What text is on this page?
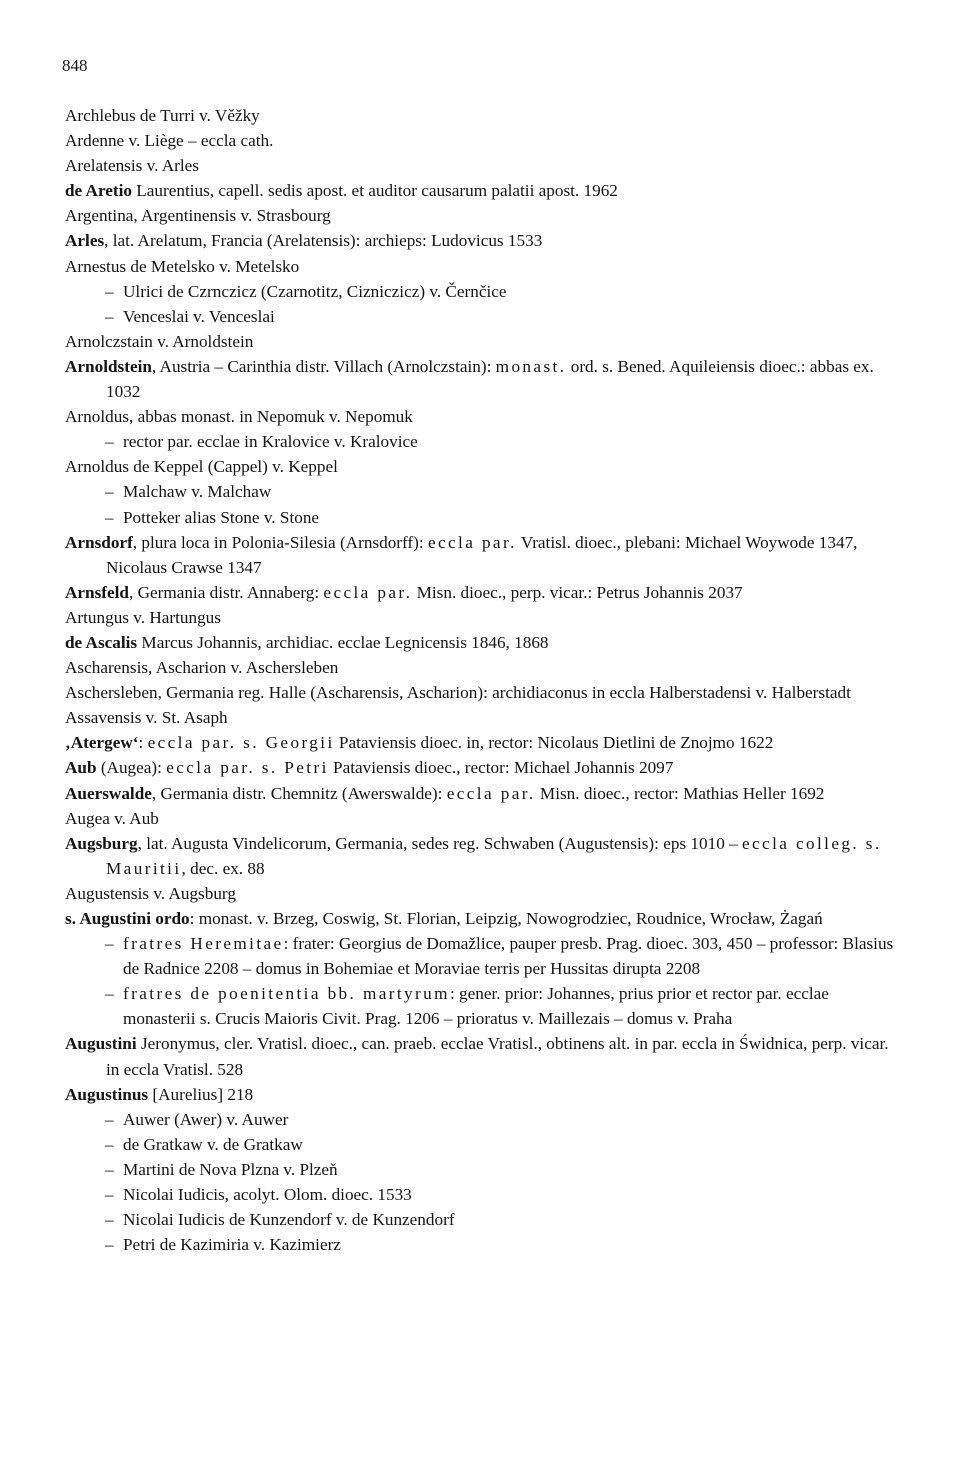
848

Archlebus de Turri v. Věžky

Ardenne v. Liège – eccla cath.

Arelatensis v. Arles

de Aretio Laurentius, capell. sedis apost. et auditor causarum palatii apost. 1962

Argentina, Argentinensis v. Strasbourg

Arles, lat. Arelatum, Francia (Arelatensis): archieps: Ludovicus 1533

Arnestus de Metelsko v. Metelsko

– Ulrici de Czrnczicz (Czarnotitz, Cizniczicz) v. Černčice

– Venceslai v. Venceslai

Arnolczstain v. Arnoldstein

Arnoldstein, Austria – Carinthia distr. Villach (Arnolczstain): monast. ord. s. Bened. Aquileiensis dioec.: abbas ex. 1032

Arnoldus, abbas monast. in Nepomuk v. Nepomuk

– rector par. ecclae in Kralovice v. Kralovice

Arnoldus de Keppel (Cappel) v. Keppel

– Malchaw v. Malchaw

– Potteker alias Stone v. Stone

Arnsdorf, plura loca in Polonia-Silesia (Arnsdorff): eccla par. Vratisl. dioec., plebani: Michael Woywode 1347, Nicolaus Crawse 1347

Arnsfeld, Germania distr. Annaberg: eccla par. Misn. dioec., perp. vicar.: Petrus Johannis 2037

Artungus v. Hartungus

de Ascalis Marcus Johannis, archidiac. ecclae Legnicensis 1846, 1868

Ascharensis, Ascharion v. Aschersleben

Aschersleben, Germania reg. Halle (Ascharensis, Ascharion): archidiaconus in eccla Halberstadensi v. Halberstadt

Assavensis v. St. Asaph

‚Atergew‘: eccla par. s. Georgii Pataviensis dioec. in, rector: Nicolaus Dietlini de Znojmo 1622

Aub (Augea): eccla par. s. Petri Pataviensis dioec., rector: Michael Johannis 2097

Auerswalde, Germania distr. Chemnitz (Awerswalde): eccla par. Misn. dioec., rector: Mathias Heller 1692

Augea v. Aub

Augsburg, lat. Augusta Vindelicorum, Germania, sedes reg. Schwaben (Augustensis): eps 1010 – eccla colleg. s. Mauritii, dec. ex. 88

Augustensis v. Augsburg

s. Augustini ordo: monast. v. Brzeg, Coswig, St. Florian, Leipzig, Nowogrodziec, Roudnice, Wrocław, Żagań

– fratres Heremitae: frater: Georgius de Domažlice, pauper presb. Prag. dioec. 303, 450 – professor: Blasius de Radnice 2208 – domus in Bohemiae et Moraviae terris per Hussitas dirupta 2208

– fratres de poenitentia bb. martyrum: gener. prior: Johannes, prius prior et rector par. ecclae monasterii s. Crucis Maioris Civit. Prag. 1206 – prioratus v. Maillezais – domus v. Praha

Augustini Jeronymus, cler. Vratisl. dioec., can. praeb. ecclae Vratisl., obtinens alt. in par. eccla in Świdnica, perp. vicar. in eccla Vratisl. 528

Augustinus [Aurelius] 218

– Auwer (Awer) v. Auwer

– de Gratkaw v. de Gratkaw

– Martini de Nova Plzna v. Plzeň

– Nicolai Iudicis, acolyt. Olom. dioec. 1533

– Nicolai Iudicis de Kunzendorf v. de Kunzendorf

– Petri de Kazimiria v. Kazimierz
